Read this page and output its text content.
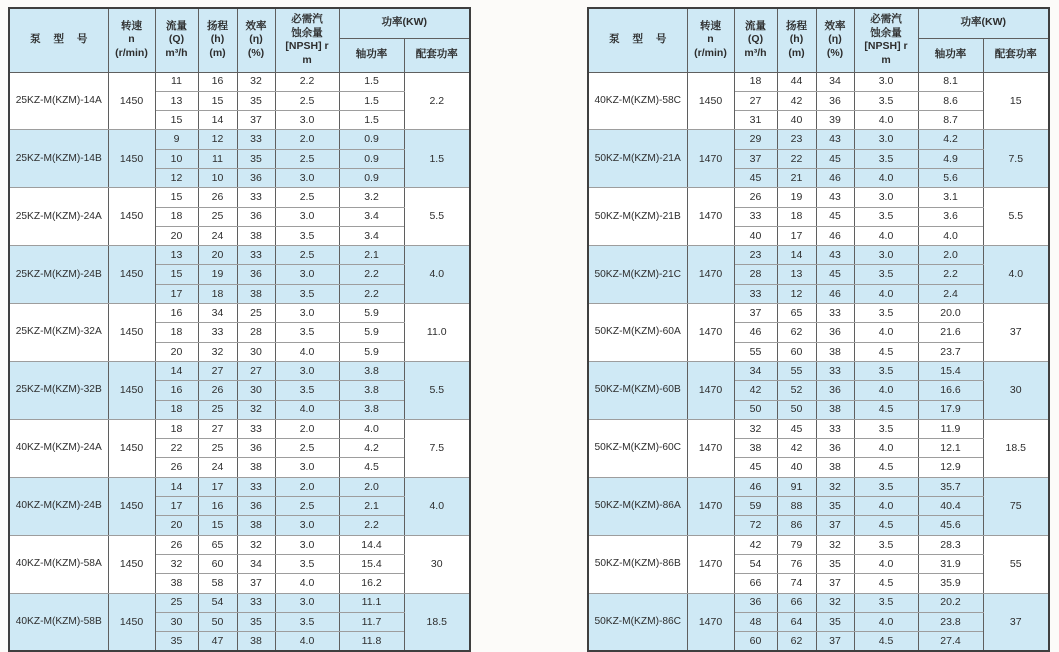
泵 型 号	转速
n
(r/min)	流量
(Q)
m³/h	扬程
(h)
(m)	效率
(η)
(%)	必需汽
蚀余量
[NPSH] r
m	功率(KW)	
						轴功率	配套功率
25KZ-M(KZM)-14A	1450	11	16	32	2.2	1.5	2.2
		13	15	35	2.5	1.5	
		15	14	37	3.0	1.5	
25KZ-M(KZM)-14B	1450	9	12	33	2.0	0.9	1.5
		10	11	35	2.5	0.9	
		12	10	36	3.0	0.9	
25KZ-M(KZM)-24A	1450	15	26	33	2.5	3.2	5.5
		18	25	36	3.0	3.4	
		20	24	38	3.5	3.4	
25KZ-M(KZM)-24B	1450	13	20	33	2.5	2.1	4.0
		15	19	36	3.0	2.2	
		17	18	38	3.5	2.2	
25KZ-M(KZM)-32A	1450	16	34	25	3.0	5.9	11.0
		18	33	28	3.5	5.9	
		20	32	30	4.0	5.9	
25KZ-M(KZM)-32B	1450	14	27	27	3.0	3.8	5.5
		16	26	30	3.5	3.8	
		18	25	32	4.0	3.8	
40KZ-M(KZM)-24A	1450	18	27	33	2.0	4.0	7.5
		22	25	36	2.5	4.2	
		26	24	38	3.0	4.5	
40KZ-M(KZM)-24B	1450	14	17	33	2.0	2.0	4.0
		17	16	36	2.5	2.1	
		20	15	38	3.0	2.2	
40KZ-M(KZM)-58A	1450	26	65	32	3.0	14.4	30
		32	60	34	3.5	15.4	
		38	58	37	4.0	16.2	
40KZ-M(KZM)-58B	1450	25	54	33	3.0	11.1	18.5
		30	50	35	3.5	11.7	
		35	47	38	4.0	11.8	
泵 型 号	转速
n
(r/min)	流量
(Q)
m³/h	扬程
(h)
(m)	效率
(η)
(%)	必需汽
蚀余量
[NPSH] r
m	功率(KW)	
						轴功率	配套功率
40KZ-M(KZM)-58C	1450	18	44	34	3.0	8.1	15
		27	42	36	3.5	8.6	
		31	40	39	4.0	8.7	
50KZ-M(KZM)-21A	1470	29	23	43	3.0	4.2	7.5
		37	22	45	3.5	4.9	
		45	21	46	4.0	5.6	
50KZ-M(KZM)-21B	1470	26	19	43	3.0	3.1	5.5
		33	18	45	3.5	3.6	
		40	17	46	4.0	4.0	
50KZ-M(KZM)-21C	1470	23	14	43	3.0	2.0	4.0
		28	13	45	3.5	2.2	
		33	12	46	4.0	2.4	
50KZ-M(KZM)-60A	1470	37	65	33	3.5	20.0	37
		46	62	36	4.0	21.6	
		55	60	38	4.5	23.7	
50KZ-M(KZM)-60B	1470	34	55	33	3.5	15.4	30
		42	52	36	4.0	16.6	
		50	50	38	4.5	17.9	
50KZ-M(KZM)-60C	1470	32	45	33	3.5	11.9	18.5
		38	42	36	4.0	12.1	
		45	40	38	4.5	12.9	
50KZ-M(KZM)-86A	1470	46	91	32	3.5	35.7	75
		59	88	35	4.0	40.4	
		72	86	37	4.5	45.6	
50KZ-M(KZM)-86B	1470	42	79	32	3.5	28.3	55
		54	76	35	4.0	31.9	
		66	74	37	4.5	35.9	
50KZ-M(KZM)-86C	1470	36	66	32	3.5	20.2	37
		48	64	35	4.0	23.8	
		60	62	37	4.5	27.4	
